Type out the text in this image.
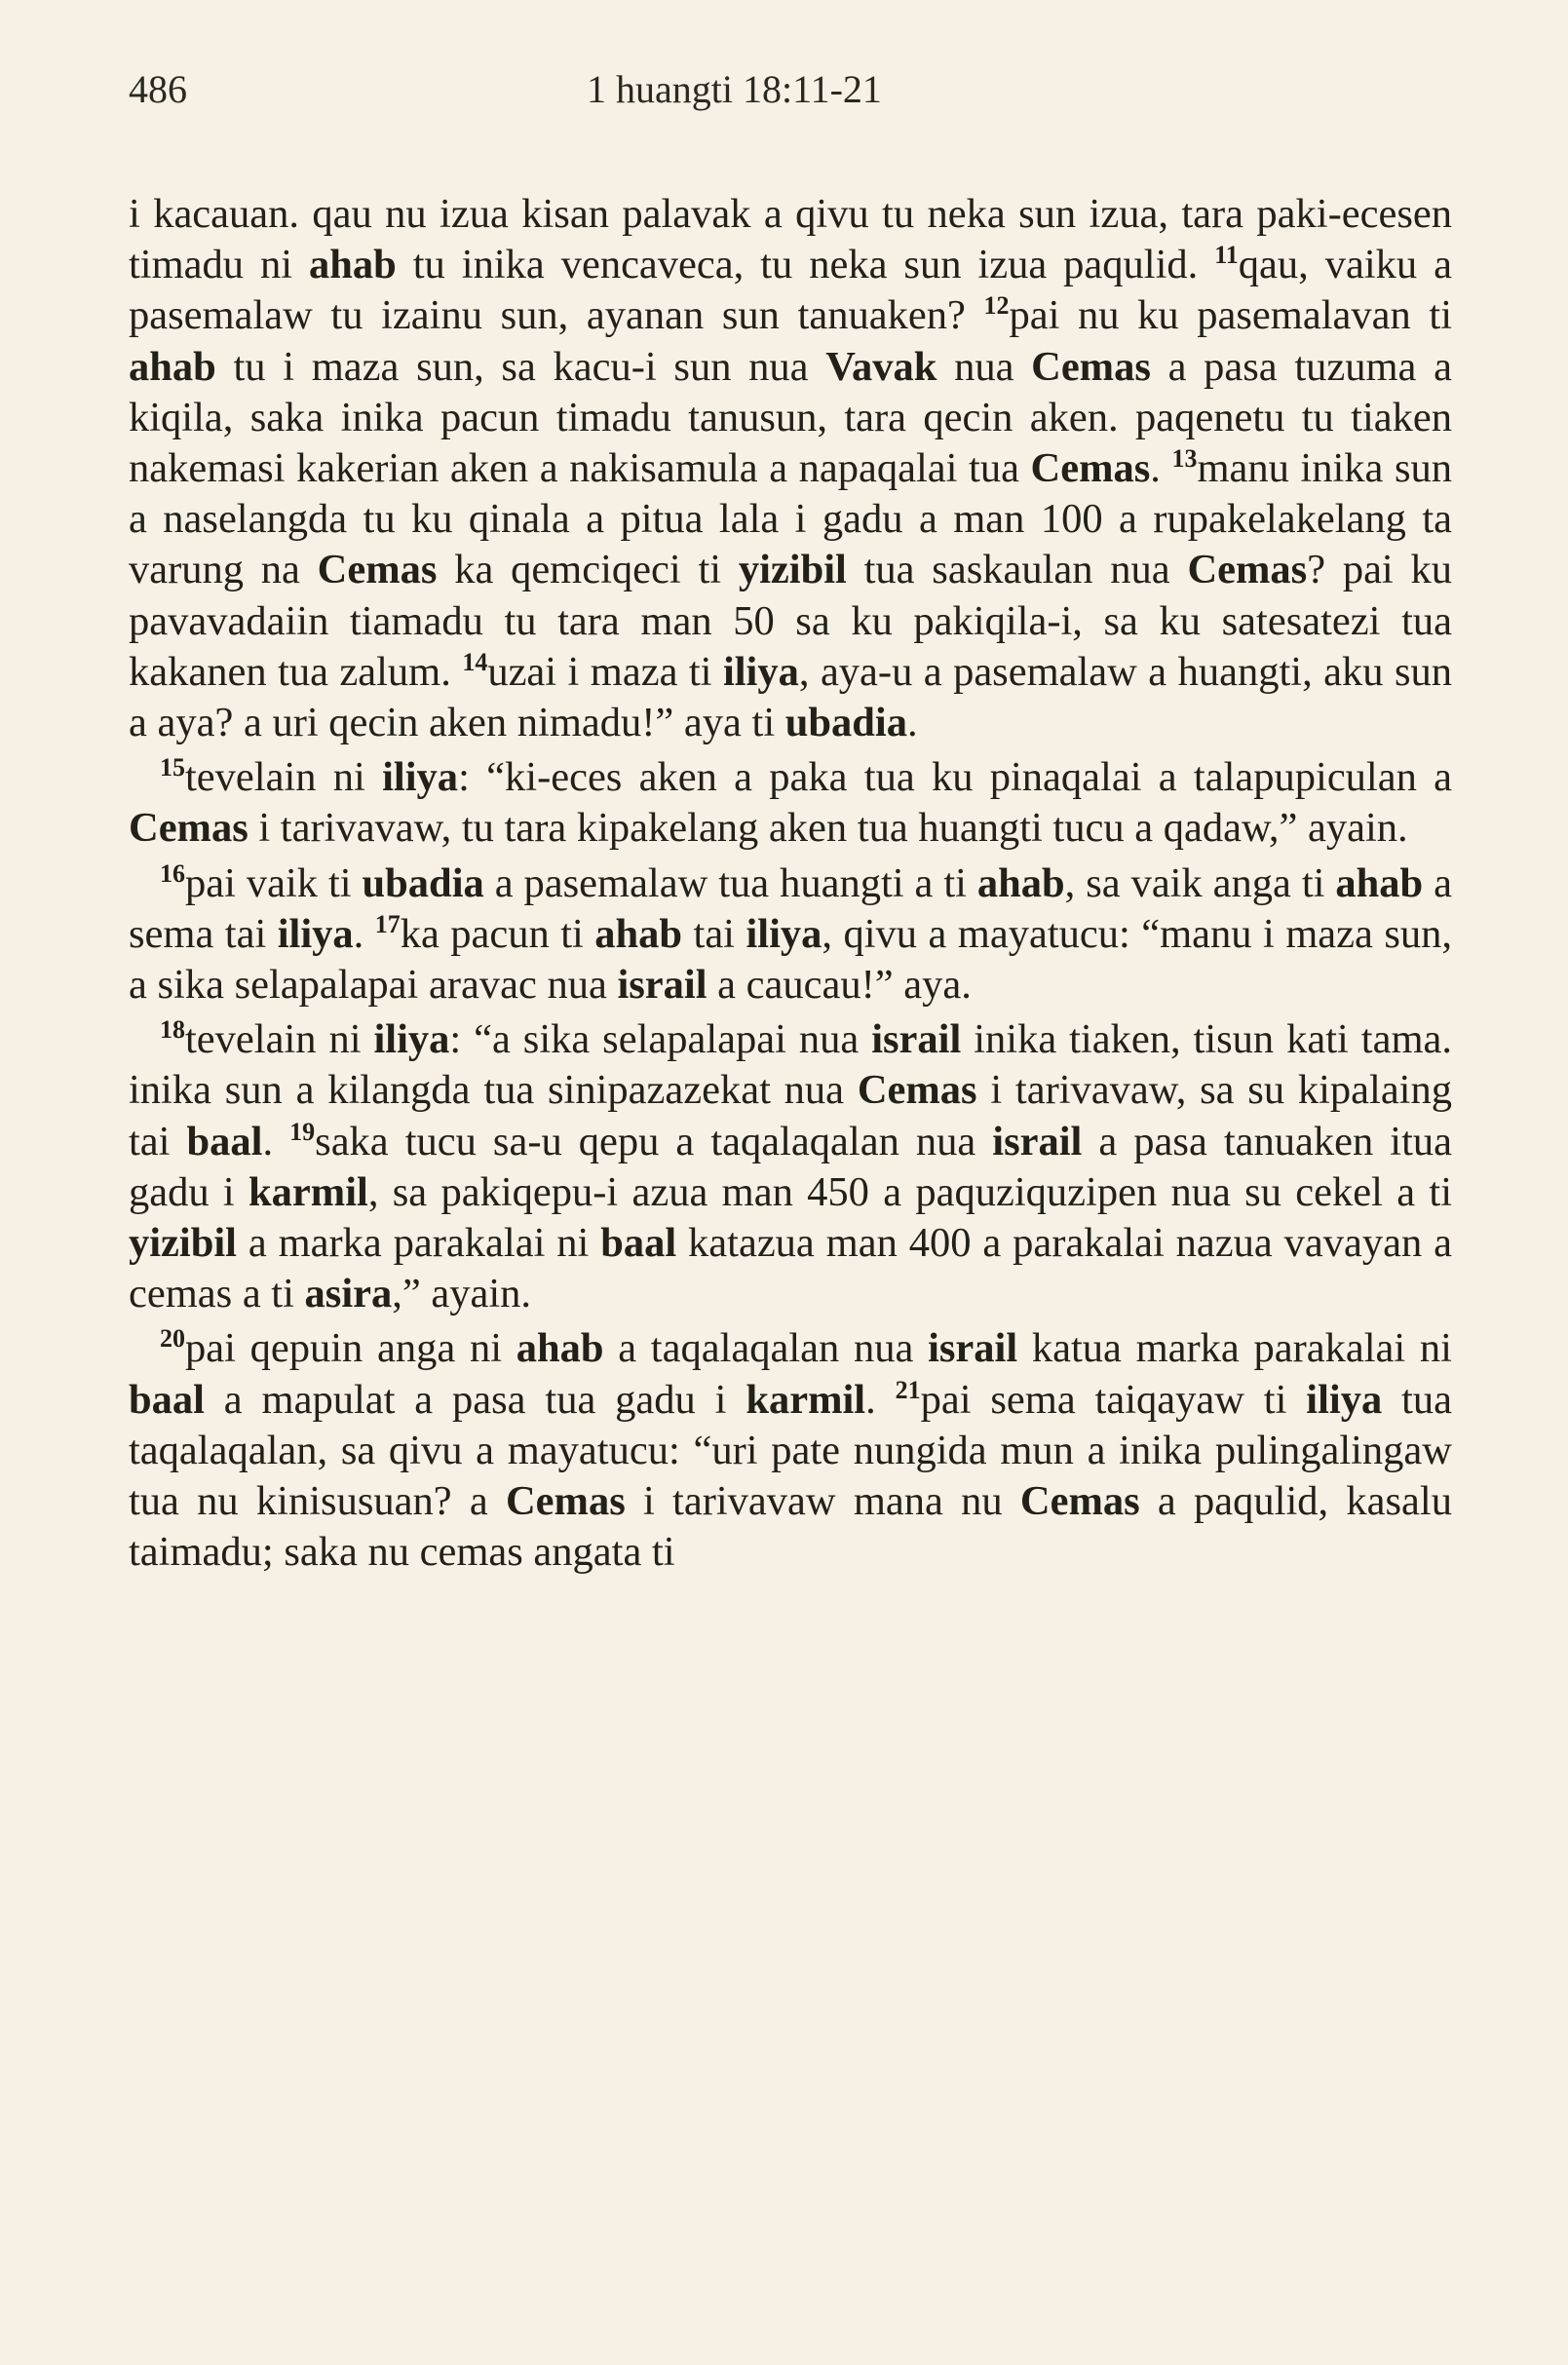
486	1 huangti 18:11-21

i kacauan. qau nu izua kisan palavak a qivu tu neka sun izua, tara paki-ecesen timadu ni ahab tu inika vencaveca, tu neka sun izua paqulid. $^{11}$qau, vaiku a pasemalaw tu izainu sun, ayanan sun tanuaken? $^{12}$pai nu ku pasemalavan ti ahab tu i maza sun, sa kacu-i sun nua Vavak nua Cemas a pasa tuzuma a kiqila, saka inika pacun timadu tanusun, tara qecin aken. paqenetu tu tiaken nakemasi kakerian aken a nakisamula a napaqalai tua Cemas. $^{13}$manu inika sun a naselangda tu ku qinala a pitua lala i gadu a man 100 a rupakelakelang ta varung na Cemas ka qemciqeci ti yizibil tua saskaulan nua Cemas? pai ku pavavadaiin tiamadu tu tara man 50 sa ku pakiqila-i, sa ku satesatezi tua kakanen tua zalum. $^{14}$uzai i maza ti iliya, aya-u a pasemalaw a huangti, aku sun a aya? a uri qecin aken nimadu!” aya ti ubadia.

$^{15}$tevelain ni iliya: “ki-eces aken a paka tua ku pinaqalai a talapupiculan a Cemas i tarivavaw, tu tara kipakelang aken tua huangti tucu a qadaw,” ayain.

$^{16}$pai vaik ti ubadia a pasemalaw tua huangti a ti ahab, sa vaik anga ti ahab a sema tai iliya. $^{17}$ka pacun ti ahab tai iliya, qivu a mayatucu: “manu i maza sun, a sika selapalapai aravac nua israil a caucau!” aya.

$^{18}$tevelain ni iliya: “a sika selapalapai nua israil inika tiaken, tisun kati tama. inika sun a kilangda tua sinipazazekat nua Cemas i tarivavaw, sa su kipalaing tai baal. $^{19}$saka tucu sa-u qepu a taqalaqalan nua israil a pasa tanuaken itua gadu i karmil, sa pakiqepu-i azua man 450 a paquziquzipen nua su cekel a ti yizibil a marka parakalai ni baal katazua man 400 a parakalai nazua vavayan a cemas a ti asira,” ayain.

$^{20}$pai qepuin anga ni ahab a taqalaqalan nua israil katua marka parakalai ni baal a mapulat a pasa tua gadu i karmil. $^{21}$pai sema taiqayaw ti iliya tua taqalaqalan, sa qivu a mayatucu: “uri pate nungida mun a inika pulingalingaw tua nu kinisusuan? a Cemas i tarivavaw mana nu Cemas a paqulid, kasalu taimadu; saka nu cemas angata ti
